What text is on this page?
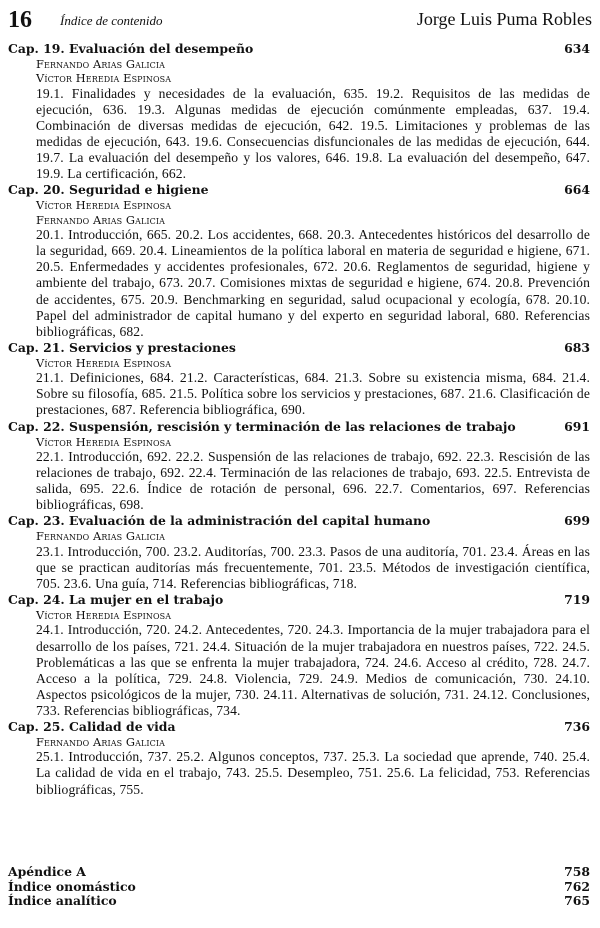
16 Índice de contenido	Jorge Luis Puma Robles
Cap. 19. Evaluación del desempeño	634
Fernando Arias Galicia
Víctor Heredia Espinosa
19.1. Finalidades y necesidades de la evaluación, 635. 19.2. Requisitos de las medidas de ejecución, 636. 19.3. Algunas medidas de ejecución comúnmente empleadas, 637. 19.4. Combinación de diversas medidas de ejecución, 642. 19.5. Limitaciones y problemas de las medidas de ejecución, 643. 19.6. Consecuencias disfuncionales de las medidas de ejecución, 644. 19.7. La evaluación del desempeño y los valores, 646. 19.8. La evaluación del desempeño, 647. 19.9. La certificación, 662.
Cap. 20. Seguridad e higiene	664
Víctor Heredia Espinosa
Fernando Arias Galicia
20.1. Introducción, 665. 20.2. Los accidentes, 668. 20.3. Antecedentes históricos del desarrollo de la seguridad, 669. 20.4. Lineamientos de la política laboral en materia de seguridad e higiene, 671. 20.5. Enfermedades y accidentes profesionales, 672. 20.6. Reglamentos de seguridad, higiene y ambiente del trabajo, 673. 20.7. Comisiones mixtas de seguridad e higiene, 674. 20.8. Prevención de accidentes, 675. 20.9. Benchmarking en seguridad, salud ocupacional y ecología, 678. 20.10. Papel del administrador de capital humano y del experto en seguridad laboral, 680. Referencias bibliográficas, 682.
Cap. 21. Servicios y prestaciones	683
Víctor Heredia Espinosa
21.1. Definiciones, 684. 21.2. Características, 684. 21.3. Sobre su existencia misma, 684. 21.4. Sobre su filosofía, 685. 21.5. Política sobre los servicios y prestaciones, 687. 21.6. Clasificación de prestaciones, 687. Referencia bibliográfica, 690.
Cap. 22. Suspensión, rescisión y terminación de las relaciones de trabajo	691
Víctor Heredia Espinosa
22.1. Introducción, 692. 22.2. Suspensión de las relaciones de trabajo, 692. 22.3. Rescisión de las relaciones de trabajo, 692. 22.4. Terminación de las relaciones de trabajo, 693. 22.5. Entrevista de salida, 695. 22.6. Índice de rotación de personal, 696. 22.7. Comentarios, 697. Referencias bibliográficas, 698.
Cap. 23. Evaluación de la administración del capital humano	699
Fernando Arias Galicia
23.1. Introducción, 700. 23.2. Auditorías, 700. 23.3. Pasos de una auditoría, 701. 23.4. Áreas en las que se practican auditorías más frecuentemente, 701. 23.5. Métodos de investigación científica, 705. 23.6. Una guía, 714. Referencias bibliográficas, 718.
Cap. 24. La mujer en el trabajo	719
Víctor Heredia Espinosa
24.1. Introducción, 720. 24.2. Antecedentes, 720. 24.3. Importancia de la mujer trabajadora para el desarrollo de los países, 721. 24.4. Situación de la mujer trabajadora en nuestros países, 722. 24.5. Problemáticas a las que se enfrenta la mujer trabajadora, 724. 24.6. Acceso al crédito, 728. 24.7. Acceso a la política, 729. 24.8. Violencia, 729. 24.9. Medios de comunicación, 730. 24.10. Aspectos psicológicos de la mujer, 730. 24.11. Alternativas de solución, 731. 24.12. Conclusiones, 733. Referencias bibliográficas, 734.
Cap. 25. Calidad de vida	736
Fernando Arias Galicia
25.1. Introducción, 737. 25.2. Algunos conceptos, 737. 25.3. La sociedad que aprende, 740. 25.4. La calidad de vida en el trabajo, 743. 25.5. Desempleo, 751. 25.6. La felicidad, 753. Referencias bibliográficas, 755.
Apéndice A	758
Índice onomástico	762
Índice analítico	765
